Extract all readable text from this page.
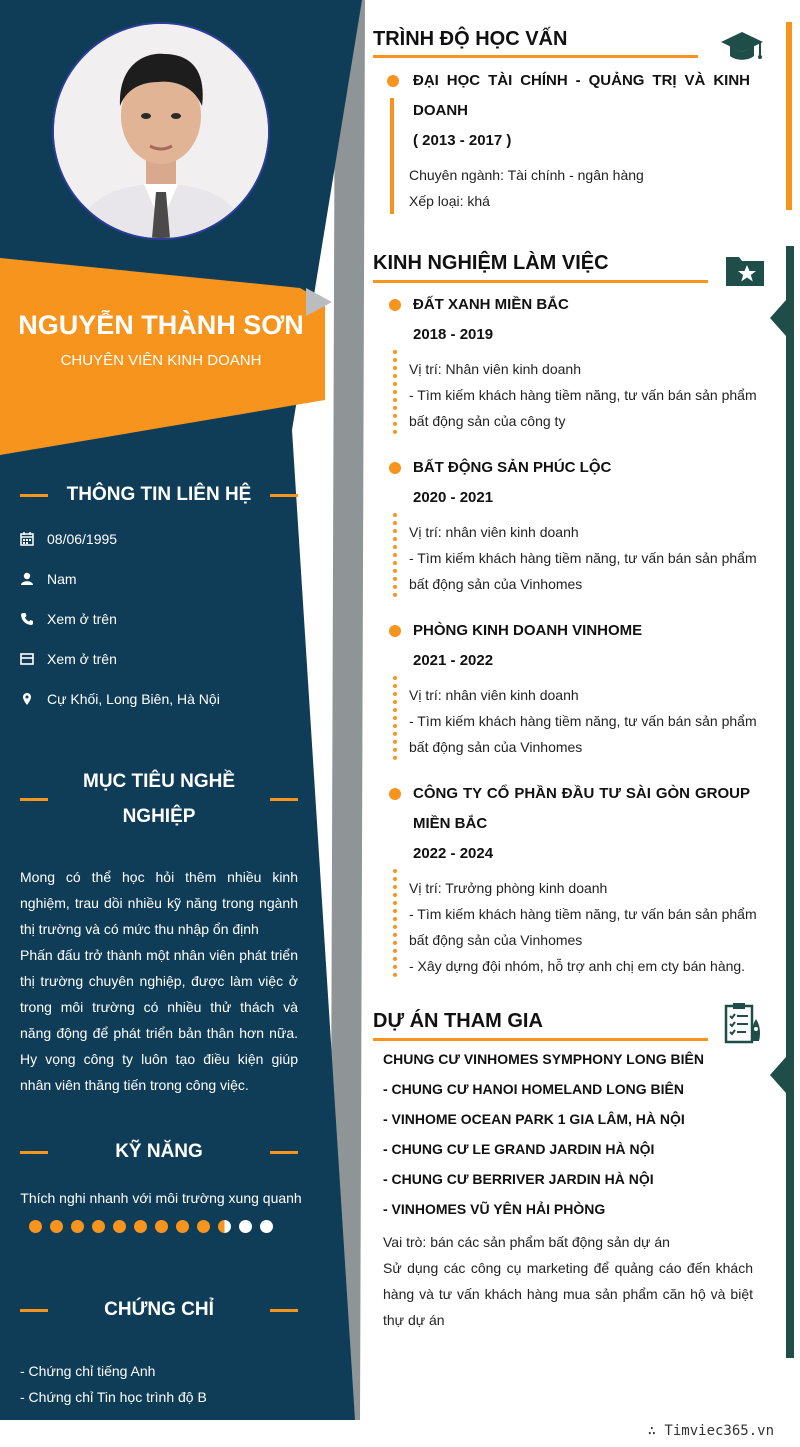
NGUYỄN THÀNH SƠN
CHUYÊN VIÊN KINH DOANH
THÔNG TIN LIÊN HỆ
08/06/1995
Nam
Xem ở trên
Xem ở trên
Cự Khối, Long Biên, Hà Nội
MỤC TIÊU NGHỀ
NGHIỆP
Mong có thể học hỏi thêm nhiều kinh nghiệm, trau dồi nhiều kỹ năng trong ngành thị trường và có mức thu nhập ổn định
Phấn đấu trở thành một nhân viên phát triển thị trường chuyên nghiệp, được làm việc ở trong môi trường có nhiều thử thách và năng động để phát triển bản thân hơn nữa. Hy vọng công ty luôn tạo điều kiện giúp nhân viên thăng tiến trong công việc.
KỸ NĂNG
Thích nghi nhanh với môi trường xung quanh
CHỨNG CHỈ
- Chứng chỉ tiếng Anh
- Chứng chỉ Tin học trình độ B
TRÌNH ĐỘ HỌC VẤN
ĐẠI HỌC TÀI CHÍNH - QUẢNG TRỊ VÀ KINH DOANH
( 2013 - 2017 )
Chuyên ngành: Tài chính - ngân hàng
Xếp loại: khá
KINH NGHIỆM LÀM VIỆC
ĐẤT XANH MIỀN BẮC
2018 - 2019
Vị trí: Nhân viên kinh doanh
- Tìm kiếm khách hàng tiềm năng, tư vấn bán sản phẩm
bất động sản của công ty
BẤT ĐỘNG SẢN PHÚC LỘC
2020 - 2021
Vị trí: nhân viên kinh doanh
- Tìm kiếm khách hàng tiềm năng, tư vấn bán sản phẩm
bất động sản của Vinhomes
PHÒNG KINH DOANH VINHOME
2021 - 2022
Vị trí: nhân viên kinh doanh
- Tìm kiếm khách hàng tiềm năng, tư vấn bán sản phẩm
bất động sản của Vinhomes
CÔNG TY CỔ PHẦN ĐẦU TƯ SÀI GÒN GROUP
MIỀN BẮC
2022 - 2024
Vị trí: Trưởng phòng kinh doanh
- Tìm kiếm khách hàng tiềm năng, tư vấn bán sản phẩm
bất động sản của Vinhomes
- Xây dựng đội nhóm, hỗ trợ anh chị em cty bán hàng.
DỰ ÁN THAM GIA
CHUNG CƯ VINHOMES SYMPHONY LONG BIÊN
- CHUNG CƯ HANOI HOMELAND LONG BIÊN
- VINHOME OCEAN PARK 1 GIA LÂM, HÀ NỘI
- CHUNG CƯ LE GRAND JARDIN HÀ NỘI
- CHUNG CƯ BERRIVER JARDIN HÀ NỘI
- VINHOMES VŨ YÊN HẢI PHÒNG
Vai trò: bán các sản phẩm bất động sản dự án
Sử dụng các công cụ marketing để quảng cáo đến khách hàng và tư vấn khách hàng mua sản phẩm căn hộ và biệt thự dự án
∴ Timviec365.vn
